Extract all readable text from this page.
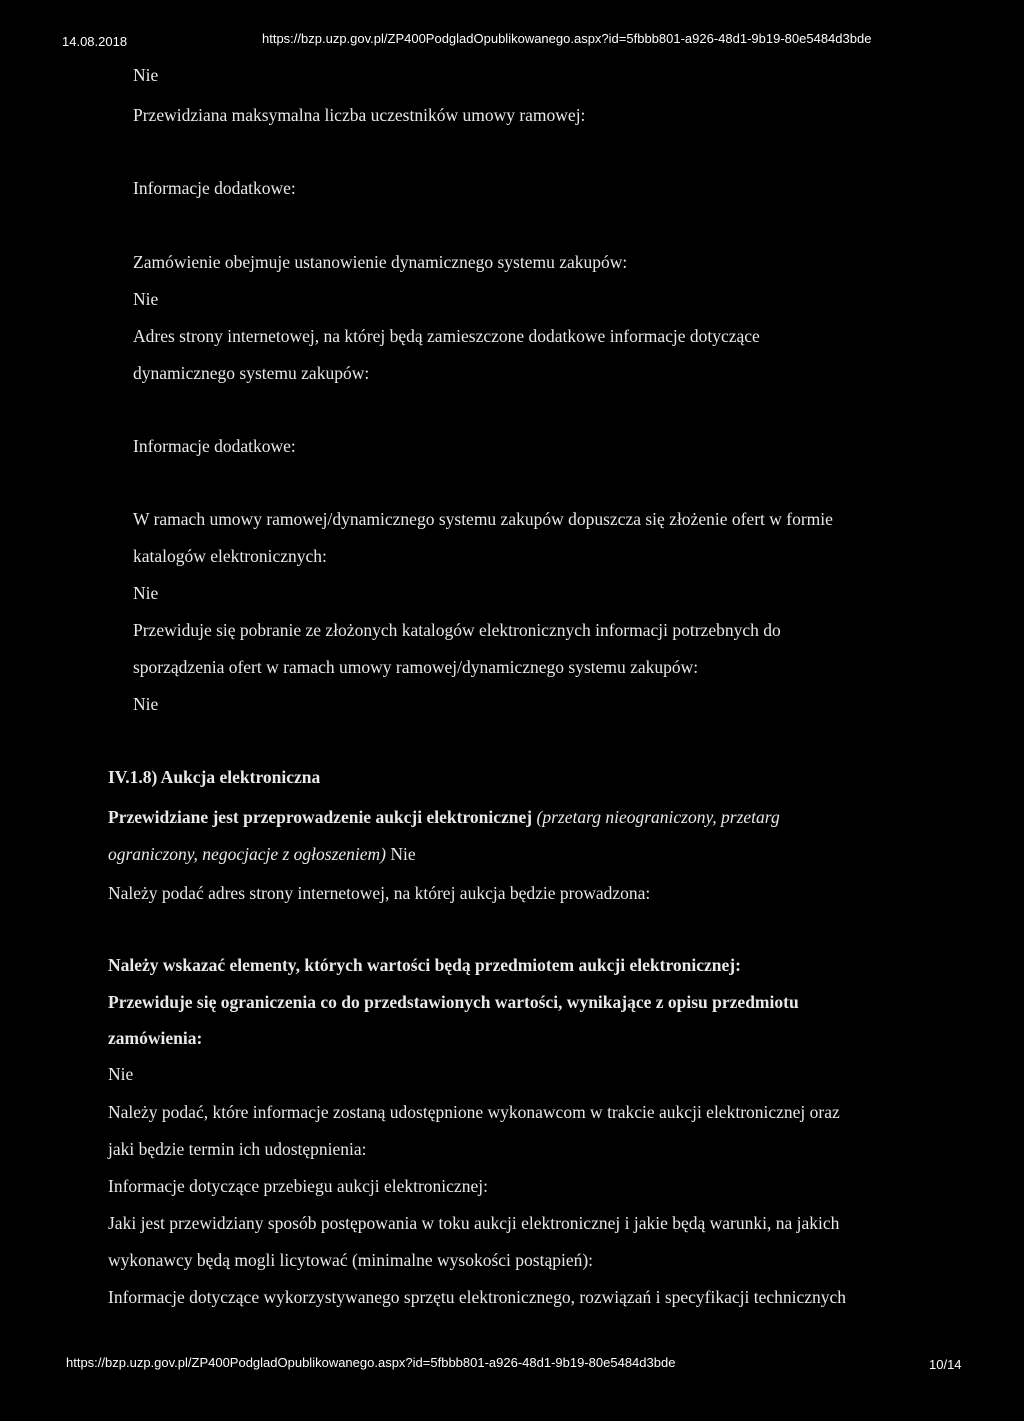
14.08.2018	https://bzp.uzp.gov.pl/ZP400PodgladOpublikowanego.aspx?id=5fbbb801-a926-48d1-9b19-80e5484d3bde
Nie
Przewidziana maksymalna liczba uczestników umowy ramowej:
Informacje dodatkowe:
Zamówienie obejmuje ustanowienie dynamicznego systemu zakupów:
Nie
Adres strony internetowej, na której będą zamieszczone dodatkowe informacje dotyczące
dynamicznego systemu zakupów:
Informacje dodatkowe:
W ramach umowy ramowej/dynamicznego systemu zakupów dopuszcza się złożenie ofert w formie
katalogów elektronicznych:
Nie
Przewiduje się pobranie ze złożonych katalogów elektronicznych informacji potrzebnych do
sporządzenia ofert w ramach umowy ramowej/dynamicznego systemu zakupów:
Nie
IV.1.8) Aukcja elektroniczna
Przewidziane jest przeprowadzenie aukcji elektronicznej (przetarg nieograniczony, przetarg
ograniczony, negocjacje z ogłoszeniem) Nie
Należy podać adres strony internetowej, na której aukcja będzie prowadzona:
Należy wskazać elementy, których wartości będą przedmiotem aukcji elektronicznej:
Przewiduje się ograniczenia co do przedstawionych wartości, wynikające z opisu przedmiotu
zamówienia:
Nie
Należy podać, które informacje zostaną udostępnione wykonawcom w trakcie aukcji elektronicznej oraz
jaki będzie termin ich udostępnienia:
Informacje dotyczące przebiegu aukcji elektronicznej:
Jaki jest przewidziany sposób postępowania w toku aukcji elektronicznej i jakie będą warunki, na jakich
wykonawcy będą mogli licytować (minimalne wysokości postąpień):
Informacje dotyczące wykorzystywanego sprzętu elektronicznego, rozwiązań i specyfikacji technicznych
https://bzp.uzp.gov.pl/ZP400PodgladOpublikowanego.aspx?id=5fbbb801-a926-48d1-9b19-80e5484d3bde	10/14
